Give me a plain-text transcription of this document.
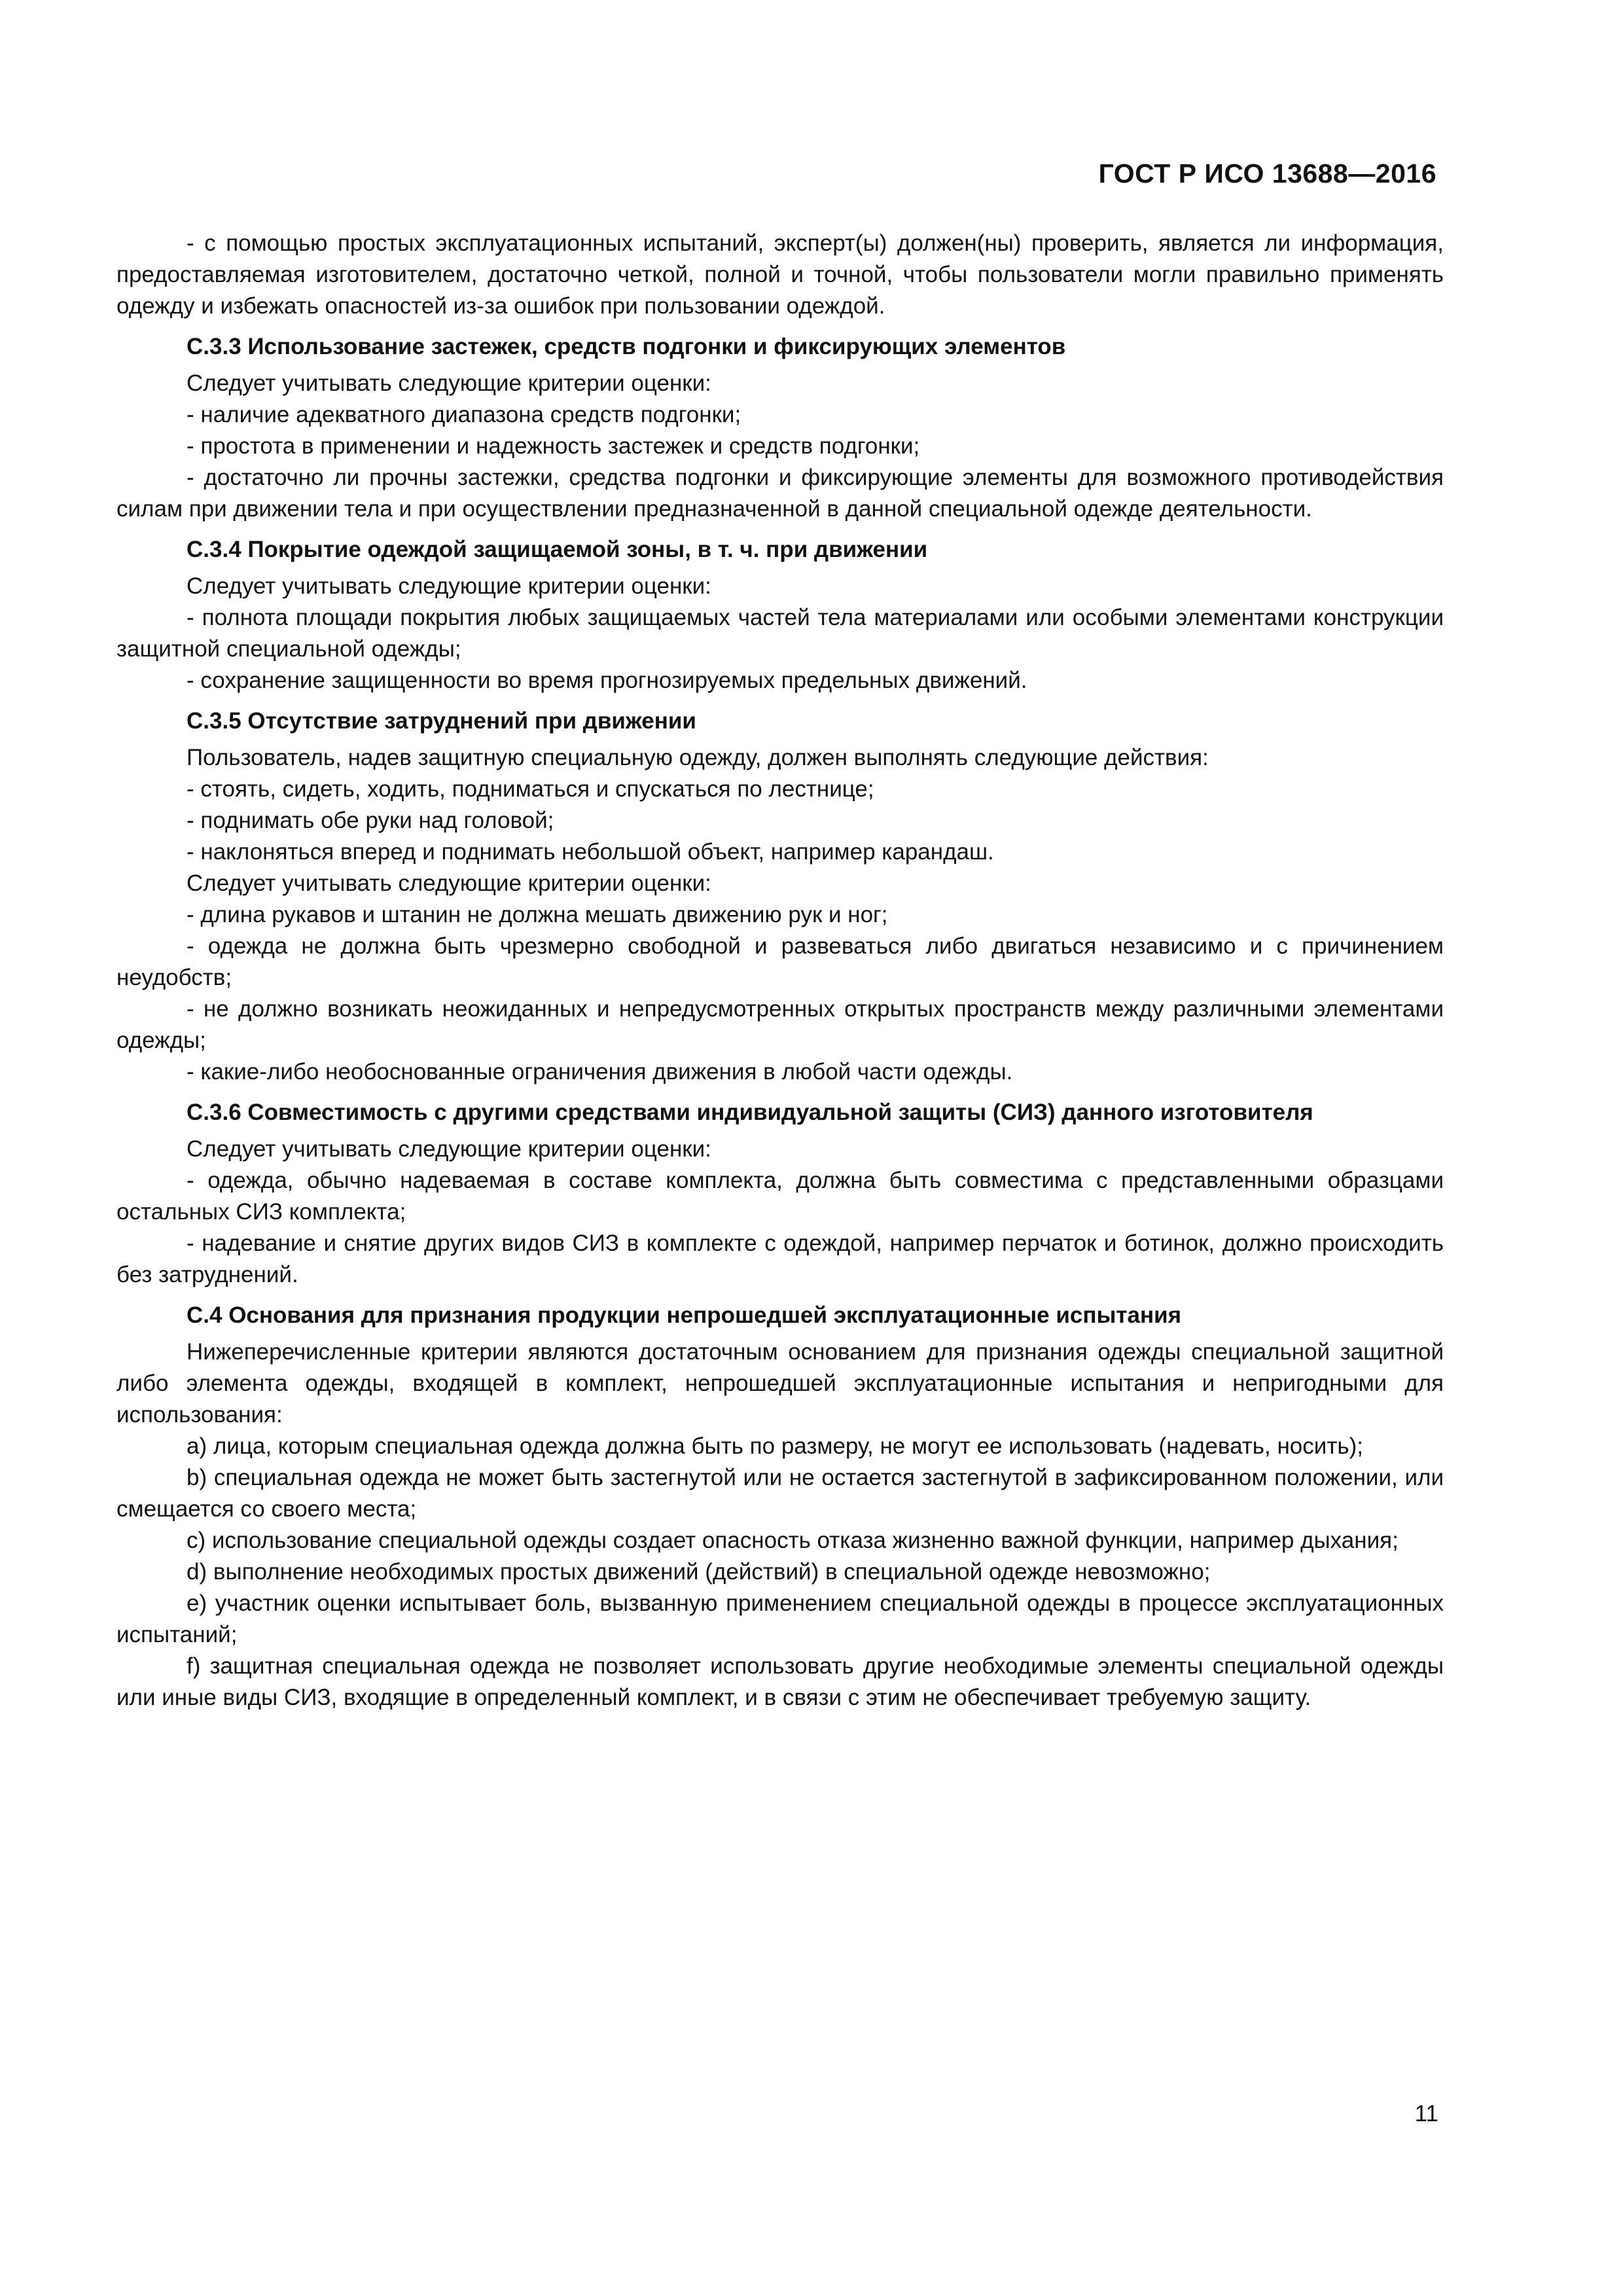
ГОСТ Р ИСО 13688—2016

- с помощью простых эксплуатационных испытаний, эксперт(ы) должен(ны) проверить, является ли информация, предоставляемая изготовителем, достаточно четкой, полной и точной, чтобы пользователи могли правильно применять одежду и избежать опасностей из-за ошибок при пользовании одеждой.

С.3.3 Использование застежек, средств подгонки и фиксирующих элементов

Следует учитывать следующие критерии оценки:

- наличие адекватного диапазона средств подгонки;

- простота в применении и надежность застежек и средств подгонки;

- достаточно ли прочны застежки, средства подгонки и фиксирующие элементы для возможного противодействия силам при движении тела и при осуществлении предназначенной в данной специальной одежде деятельности.

С.3.4 Покрытие одеждой защищаемой зоны, в т. ч. при движении

Следует учитывать следующие критерии оценки:

- полнота площади покрытия любых защищаемых частей тела материалами или особыми элементами конструкции защитной специальной одежды;

- сохранение защищенности во время прогнозируемых предельных движений.

С.3.5 Отсутствие затруднений при движении

Пользователь, надев защитную специальную одежду, должен выполнять следующие действия:

- стоять, сидеть, ходить, подниматься и спускаться по лестнице;

- поднимать обе руки над головой;

- наклоняться вперед и поднимать небольшой объект, например карандаш.

Следует учитывать следующие критерии оценки:

- длина рукавов и штанин не должна мешать движению рук и ног;

- одежда не должна быть чрезмерно свободной и развеваться либо двигаться независимо и с причинением неудобств;

- не должно возникать неожиданных и непредусмотренных открытых пространств между различными элементами одежды;

- какие-либо необоснованные ограничения движения в любой части одежды.

С.3.6 Совместимость с другими средствами индивидуальной защиты (СИЗ) данного изготовителя

Следует учитывать следующие критерии оценки:

- одежда, обычно надеваемая в составе комплекта, должна быть совместима с представленными образцами остальных СИЗ комплекта;

- надевание и снятие других видов СИЗ в комплекте с одеждой, например перчаток и ботинок, должно происходить без затруднений.

С.4 Основания для признания продукции непрошедшей эксплуатационные испытания

Нижеперечисленные критерии являются достаточным основанием для признания одежды специальной защитной либо элемента одежды, входящей в комплект, непрошедшей эксплуатационные испытания и непригодными для использования:

a) лица, которым специальная одежда должна быть по размеру, не могут ее использовать (надевать, носить);

b) специальная одежда не может быть застегнутой или не остается застегнутой в зафиксированном положении, или смещается со своего места;

c) использование специальной одежды создает опасность отказа жизненно важной функции, например дыхания;

d) выполнение необходимых простых движений (действий) в специальной одежде невозможно;

e) участник оценки испытывает боль, вызванную применением специальной одежды в процессе эксплуатационных испытаний;

f) защитная специальная одежда не позволяет использовать другие необходимые элементы специальной одежды или иные виды СИЗ, входящие в определенный комплект, и в связи с этим не обеспечивает требуемую защиту.

11
